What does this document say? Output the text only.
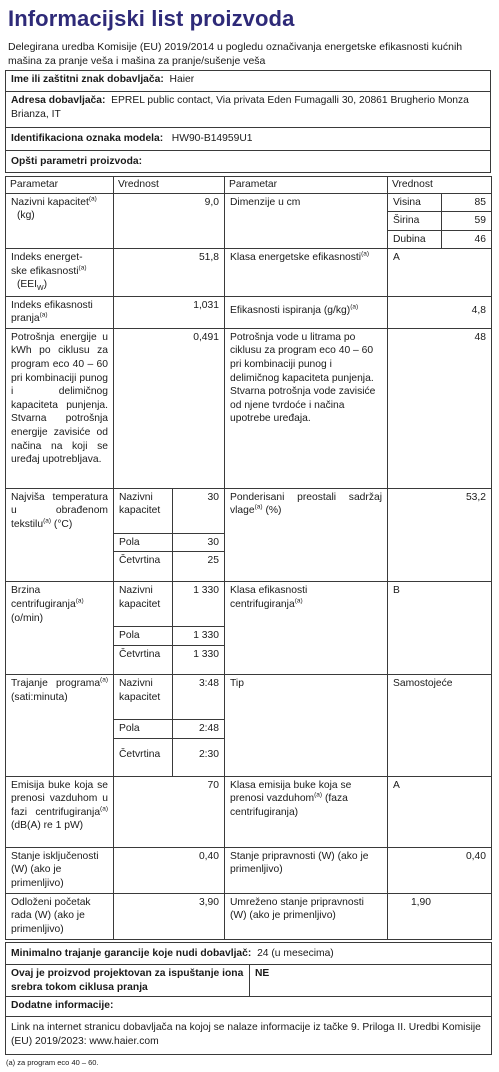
Informacijski list proizvoda
Delegirana uredba Komisije (EU) 2019/2014 u pogledu označivanja energetske efikasnosti kućnih mašina za pranje veša i mašina za pranje/sušenje veša
Ime ili zaštitni znak dobavljača: Haier
Adresa dobavljača: EPREL public contact, Via privata Eden Fumagalli 30, 20861 Brugherio Monza Brianza, IT
Identifikaciona oznaka modela: HW90-B14959U1
Opšti parametri proizvoda:
Parametar	Vrednost		Parametar	Vrednost	
Nazivni kapacitet$^{(a)}$
(kg)	9,0		Dimenzije u cm	Visina	85
				Širina	59
				Dubina	46
Indeks energet-
ske efikasnosti$^{(a)}$
$(EEI_W)$	51,8		Klasa energetske efikasnosti$^{(a)}$	A	
Indeks efikasnosti
pranja$^{(a)}$	1,031		Efikasnosti ispiranja $(g/kg)^{(a)}$	4,8	
Potrošnja energije u kWh po ciklusu za program eco 40 – 60 pri kombinaciji punog i delimičnog kapaciteta punjenja. Stvarna potrošnja energije zavisiće od načina na koji se uređaj upotrebljava.	0,491		Potrošnja vode u litrama po ciklusu za program eco 40 – 60 pri kombinaciji punog i delimičnog kapaciteta punjenja. Stvarna potrošnja vode zavisiće od njene tvrdoće i načina upotrebe uređaja.	48	
Najviša temperatura u obrađenom tekstilu$^{(a)}$ (°C)	Nazivni kapacitet	30	Ponderisani preostali sadržaj vlage$^{(a)}$ (%)	53,2	
	Pola	30			
	Četvrtina	25			
Brzina centrifugiranja$^{(a)}$ (o/min)	Nazivni kapacitet	1 330	Klasa efikasnosti centrifugiranja$^{(a)}$	B	
	Pola	1 330			
	Četvrtina	1 330			
Trajanje programa$^{(a)}$ (sati:minuta)	Nazivni kapacitet	3:48	Tip	Samostojeće	
	Pola	2:48			
	Četvrtina	2:30			
Emisija buke koja se prenosi vazduhom u fazi centrifugiranja$^{(a)}$ (dB(A) re 1 pW)	70		Klasa emisija buke koja se prenosi vazduhom$^{(a)}$ (faza centrifugiranja)	A	
Stanje isključenosti (W) (ako je primenljivo)	0,40		Stanje pripravnosti (W) (ako je primenljivo)	0,40	
Odloženi početak rada (W) (ako je primenljivo)	3,90		Umreženo stanje pripravnosti (W) (ako je primenljivo)	1,90	
Minimalno trajanje garancije koje nudi dobavljač: 24 (u mesecima)
Ovaj je proizvod projektovan za ispuštanje iona srebra tokom ciklusa pranja	NE
Dodatne informacije:
Link na internet stranicu dobavljača na kojoj se nalaze informacije iz tačke 9. Priloga II. Uredbi Komisije (EU) 2019/2023: www.haier.com
(a) za program eco 40 – 60.
